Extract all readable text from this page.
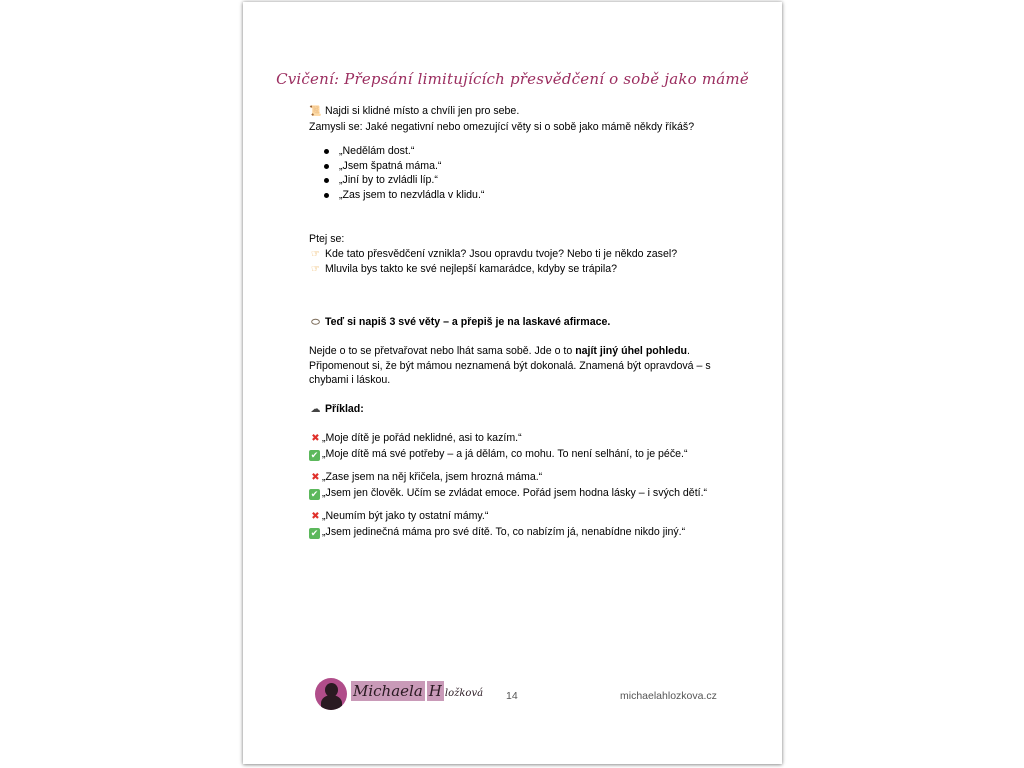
Cvičení: Přepsání limitujících přesvědčení o sobě jako mámě
📜 Najdi si klidné místo a chvíli jen pro sebe.
Zamysli se: Jaké negativní nebo omezující věty si o sobě jako mámě někdy říkáš?
„Nedělám dost.“
„Jsem špatná máma.“
„Jiní by to zvládli líp.“
„Zas jsem to nezvládla v klidu.“
Ptej se:
☞ Kde tato přesvědčení vznikla? Jsou opravdu tvoje? Nebo ti je někdo zasel?
☞ Mluvila bys takto ke své nejlepší kamarádce, kdyby se trápila?
⬭ Teď si napiš 3 své věty – a přepiš je na laskavé afirmace.
Nejde o to se přetvařovat nebo lhát sama sobě. Jde o to najít jiný úhel pohledu. Připomenout si, že být mámou neznamená být dokonalá. Znamená být opravdová – s chybami i láskou.
☁ Příklad:
✖ „Moje dítě je pořád neklidné, asi to kazím.“
✔ „Moje dítě má své potřeby – a já dělám, co mohu. To není selhání, to je péče.“
✖ „Zase jsem na něj křičela, jsem hrozná máma.“
✔ „Jsem jen člověk. Učím se zvládat emoce. Pořád jsem hodna lásky – i svých dětí.“
✖ „Neumím být jako ty ostatní mámy.“
✔ „Jsem jedinečná máma pro své dítě. To, co nabízím já, nenabídne nikdo jiný.“
Michaela H ložková 14	michaelahlozkova.cz
